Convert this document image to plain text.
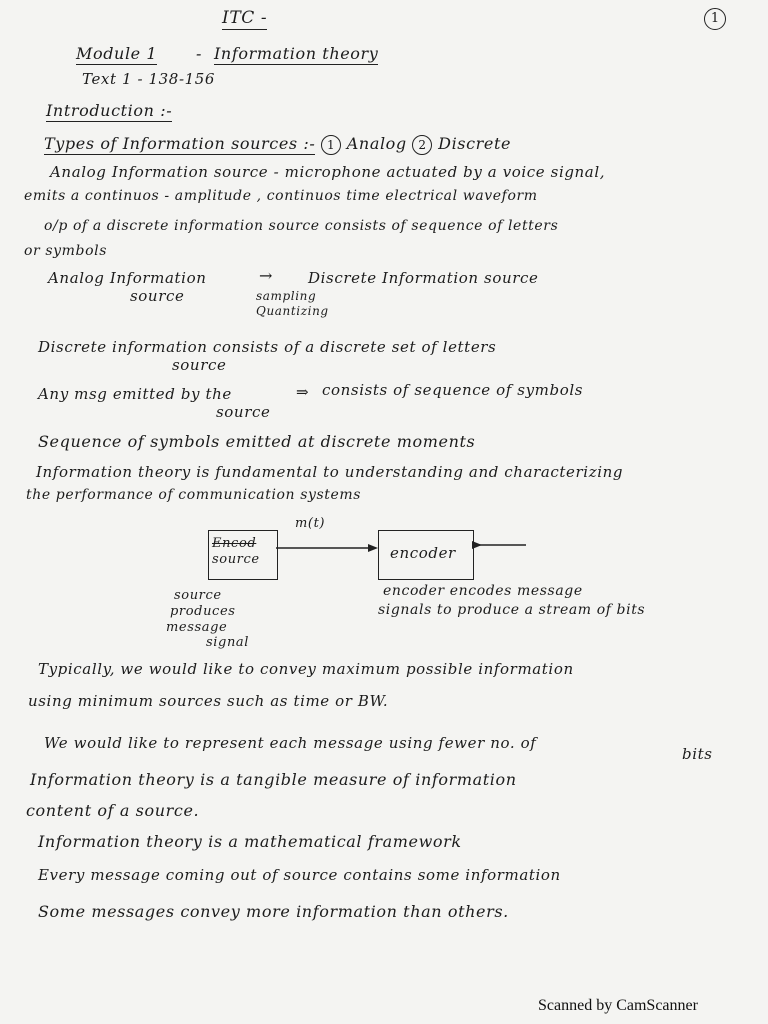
ITC -	1
Module 1 - Information theory
Text 1 - 138-156
Introduction :-
Types of Information sources :- 1 Analog 2 Discrete
Analog Information source - microphone actuated by a voice signal,
emits a continuos - amplitude , continuos time electrical waveform
o/p of a discrete information source consists of sequence of letters
or symbols
Analog Information	→ Discrete Information source
source	sampling
Quantizing
Discrete information consists of a discrete set of letters
source
Any msg emitted by the	⇒ consists of sequence of symbols
source
Sequence of symbols emitted at discrete moments
Information theory is fundamental to understanding and characterizing
the performance of communication systems
Encod
source
m(t)
encoder
source
produces
message
signal
encoder encodes message
signals to produce a stream of bits
Typically, we would like to convey maximum possible information
using minimum sources such as time or BW.
We would like to represent each message using fewer no. of
bits
Information theory is a tangible measure of information
content of a source.
Information theory is a mathematical framework
Every message coming out of source contains some information
Some messages convey more information than others.
Scanned by CamScanner
